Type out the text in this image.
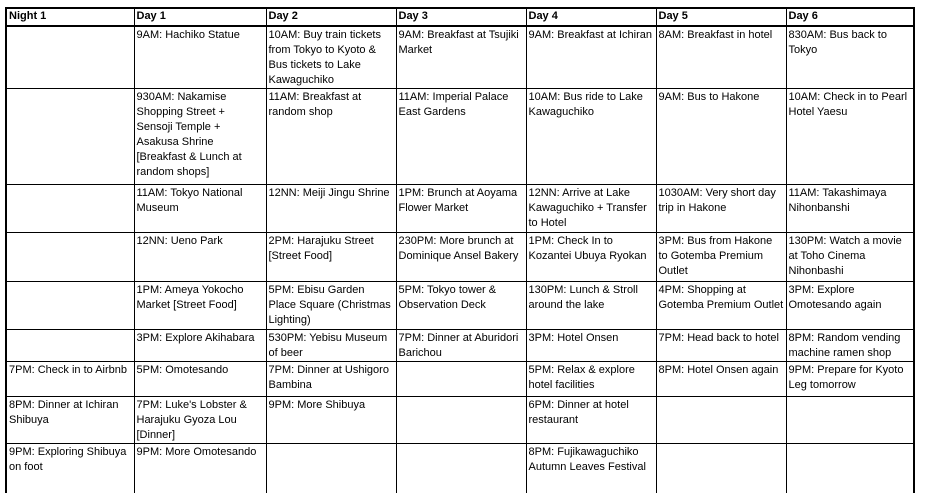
Night 1	Day 1	Day 2	Day 3	Day 4	Day 5	Day 6
	9AM: Hachiko Statue	10AM: Buy train tickets from Tokyo to Kyoto & Bus tickets to Lake Kawaguchiko	9AM: Breakfast at Tsujiki Market	9AM: Breakfast at Ichiran	8AM: Breakfast in hotel	830AM: Bus back to Tokyo
	930AM: Nakamise Shopping Street + Sensoji Temple + Asakusa Shrine [Breakfast & Lunch at random shops]	11AM: Breakfast at random shop	11AM: Imperial Palace East Gardens	10AM: Bus ride to Lake Kawaguchiko	9AM: Bus to Hakone	10AM: Check in to Pearl Hotel Yaesu
	11AM: Tokyo National Museum	12NN: Meiji Jingu Shrine	1PM: Brunch at Aoyama Flower Market	12NN: Arrive at Lake Kawaguchiko + Transfer to Hotel	1030AM: Very short day trip in Hakone	11AM: Takashimaya Nihonbanshi
	12NN: Ueno Park	2PM: Harajuku Street [Street Food]	230PM: More brunch at Dominique Ansel Bakery	1PM: Check In to Kozantei Ubuya Ryokan	3PM: Bus from Hakone to Gotemba Premium Outlet	130PM: Watch a movie at Toho Cinema Nihonbashi
	1PM: Ameya Yokocho Market [Street Food]	5PM: Ebisu Garden Place Square (Christmas Lighting)	5PM: Tokyo tower & Observation Deck	130PM: Lunch & Stroll around the lake	4PM: Shopping at Gotemba Premium Outlet	3PM: Explore Omotesando again
	3PM: Explore Akihabara	530PM: Yebisu Museum of beer	7PM: Dinner at Aburidori Barichou	3PM: Hotel Onsen	7PM: Head back to hotel	8PM: Random vending machine ramen shop
7PM: Check in to Airbnb	5PM: Omotesando	7PM: Dinner at Ushigoro Bambina		5PM: Relax & explore hotel facilities	8PM: Hotel Onsen again	9PM: Prepare for Kyoto Leg tomorrow
8PM: Dinner at Ichiran Shibuya	7PM: Luke's Lobster & Harajuku Gyoza Lou [Dinner]	9PM: More Shibuya		6PM: Dinner at hotel restaurant		
9PM: Exploring Shibuya on foot	9PM: More Omotesando			8PM: Fujikawaguchiko Autumn Leaves Festival		
